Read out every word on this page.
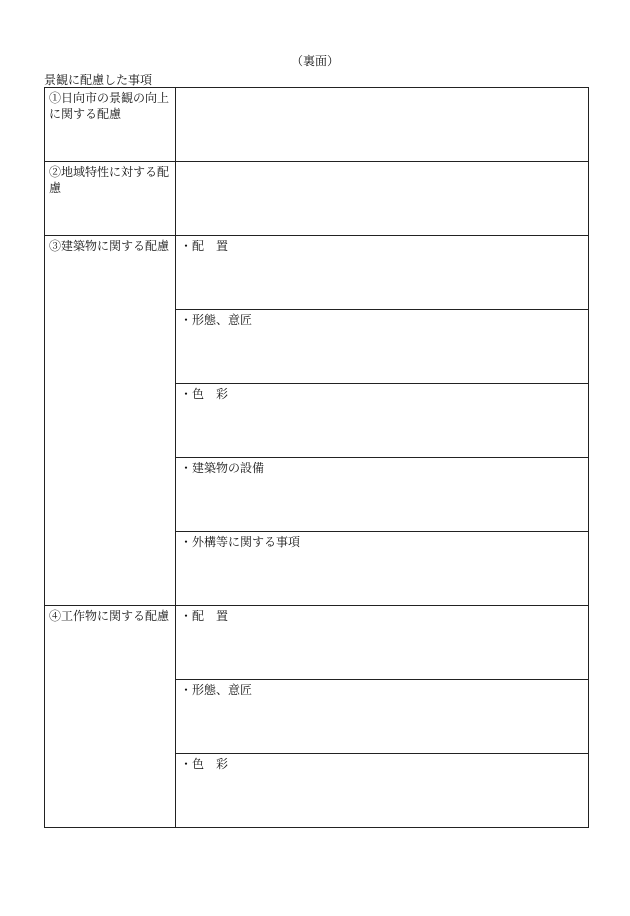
（裏面）
景観に配慮した事項
①日向市の景観の向上に関する配慮	
②地域特性に対する配慮	
③建築物に関する配慮	・配　置
	・形態、意匠
	・色　彩
	・建築物の設備
	・外構等に関する事項
④工作物に関する配慮	・配　置
	・形態、意匠
	・色　彩
